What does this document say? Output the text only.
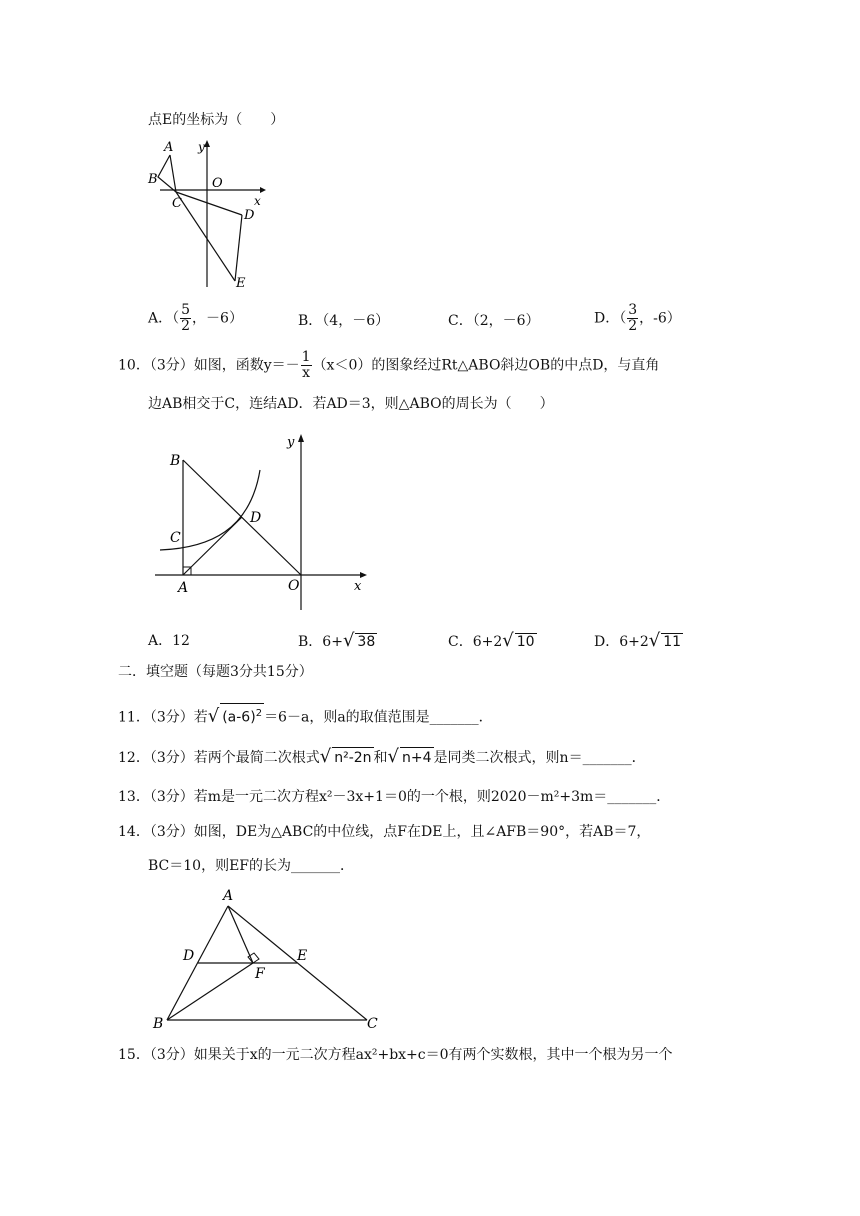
点E的坐标为（　　）
A
B
C
O
D
E
x
y
A．（ $\frac{5}{2}$ ，－6）	B．（4，－6）	C．（2，－6）	D．（ $\frac{3}{2}$ ，-6）
10．（3分）如图，函数$y=- \frac{1}{x} (x<0)$的图象经过Rt△ABO斜边OB的中点D，与直角
边AB相交于C，连结AD．若AD＝3，则△ABO的周长为（　　）
B
C
D
A	O	x
y
A．12	B．6+√ 38	C．6+2√ 10	D．6+2√ 11
二．填空题（每题3分共15分）
11．（3分）若√ $(a-6)^2 =6-a$，则a的取值范围是_______．
12．（3分）若两个最简二次根式√ n²-2n 和√ n+4 是同类二次根式，则n＝_______．
13．（3分）若m是一元二次方程x²－3x+1＝0的一个根，则2020－m²+3m＝_______．
14．（3分）如图，DE为△ABC的中位线，点F在DE上，且∠AFB＝90°，若AB＝7，
BC＝10，则EF的长为_______．
A
D	E
F
B	C
15．（3分）如果关于x的一元二次方程ax²+bx+c＝0有两个实数根，其中一个根为另一个
